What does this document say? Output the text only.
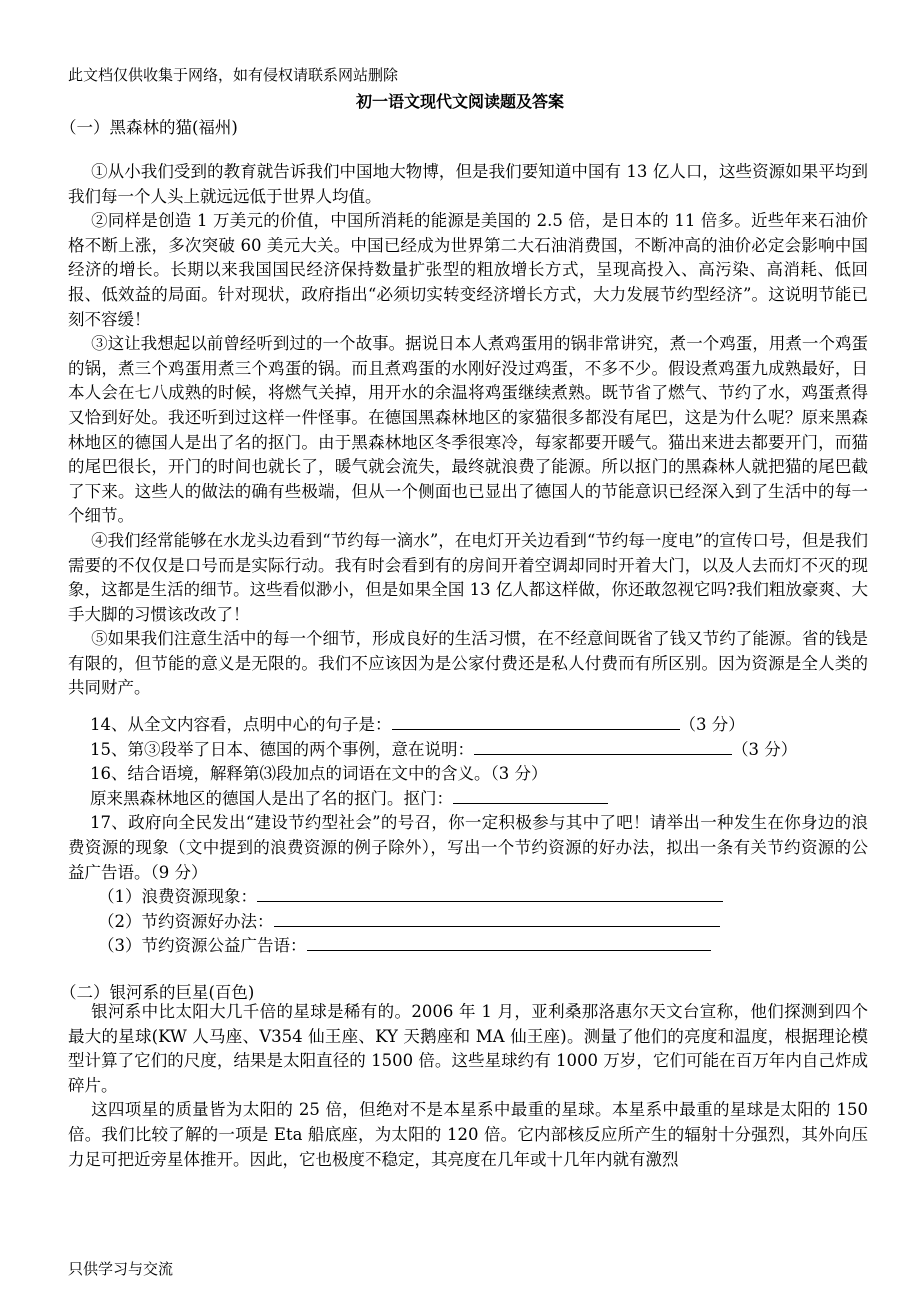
此文档仅供收集于网络，如有侵权请联系网站删除
初一语文现代文阅读题及答案
（一）黑森林的猫(福州)

①从小我们受到的教育就告诉我们中国地大物博，但是我们要知道中国有 13 亿人口，这些资源如果平均到我们每一个人头上就远远低于世界人均值。

②同样是创造 1 万美元的价值，中国所消耗的能源是美国的 2.5 倍，是日本的 11 倍多。近些年来石油价格不断上涨，多次突破 60 美元大关。中国已经成为世界第二大石油消费国，不断冲高的油价必定会影响中国经济的增长。长期以来我国国民经济保持数量扩张型的粗放增长方式，呈现高投入、高污染、高消耗、低回报、低效益的局面。针对现状，政府指出“必须切实转变经济增长方式，大力发展节约型经济”。这说明节能已刻不容缓！

③这让我想起以前曾经听到过的一个故事。据说日本人煮鸡蛋用的锅非常讲究，煮一个鸡蛋，用煮一个鸡蛋的锅，煮三个鸡蛋用煮三个鸡蛋的锅。而且煮鸡蛋的水刚好没过鸡蛋，不多不少。假设煮鸡蛋九成熟最好，日本人会在七八成熟的时候，将燃气关掉，用开水的余温将鸡蛋继续煮熟。既节省了燃气、节约了水，鸡蛋煮得又恰到好处。我还听到过这样一件怪事。在德国黑森林地区的家猫很多都没有尾巴，这是为什么呢？原来黑森林地区的德国人是出了名的抠门。由于黑森林地区冬季很寒冷，每家都要开暖气。猫出来进去都要开门，而猫的尾巴很长，开门的时间也就长了，暖气就会流失，最终就浪费了能源。所以抠门的黑森林人就把猫的尾巴截了下来。这些人的做法的确有些极端，但从一个侧面也已显出了德国人的节能意识已经深入到了生活中的每一个细节。

④我们经常能够在水龙头边看到“节约每一滴水”，在电灯开关边看到“节约每一度电”的宣传口号，但是我们需要的不仅仅是口号而是实际行动。我有时会看到有的房间开着空调却同时开着大门，以及人去而灯不灭的现象，这都是生活的细节。这些看似渺小，但是如果全国 13 亿人都这样做，你还敢忽视它吗?我们粗放豪爽、大手大脚的习惯该改改了！

⑤如果我们注意生活中的每一个细节，形成良好的生活习惯，在不经意间既省了钱又节约了能源。省的钱是有限的，但节能的意义是无限的。我们不应该因为是公家付费还是私人付费而有所区别。因为资源是全人类的共同财产。

14、从全文内容看，点明中心的句子是：	（3 分）
15、第③段举了日本、德国的两个事例，意在说明：	（3 分）
16、结合语境，解释第⑶段加点的词语在文中的含义。（3 分）
原来黑森林地区的德国人是出了名的抠门。抠门：
17、政府向全民发出“建设节约型社会”的号召，你一定积极参与其中了吧！请举出一种发生在你身边的浪费资源的现象（文中提到的浪费资源的例子除外），写出一个节约资源的好办法，拟出一条有关节约资源的公益广告语。（9 分）
（1）浪费资源现象：
（2）节约资源好办法：
（3）节约资源公益广告语：
（二）银河系的巨星(百色)

银河系中比太阳大几千倍的星球是稀有的。2006 年 1 月，亚利桑那洛惠尔天文台宣称，他们探测到四个最大的星球(KW 人马座、V354 仙王座、KY 天鹅座和 MA 仙王座)。测量了他们的亮度和温度，根据理论模型计算了它们的尺度，结果是太阳直径的 1500 倍。这些星球约有 1000 万岁，它们可能在百万年内自己炸成碎片。

这四项星的质量皆为太阳的 25 倍，但绝对不是本星系中最重的星球。本星系中最重的星球是太阳的 150 倍。我们比较了解的一项是 Eta 船底座，为太阳的 120 倍。它内部核反应所产生的辐射十分强烈，其外向压力足可把近旁星体推开。因此，它也极度不稳定，其亮度在几年或十几年内就有激烈

只供学习与交流
